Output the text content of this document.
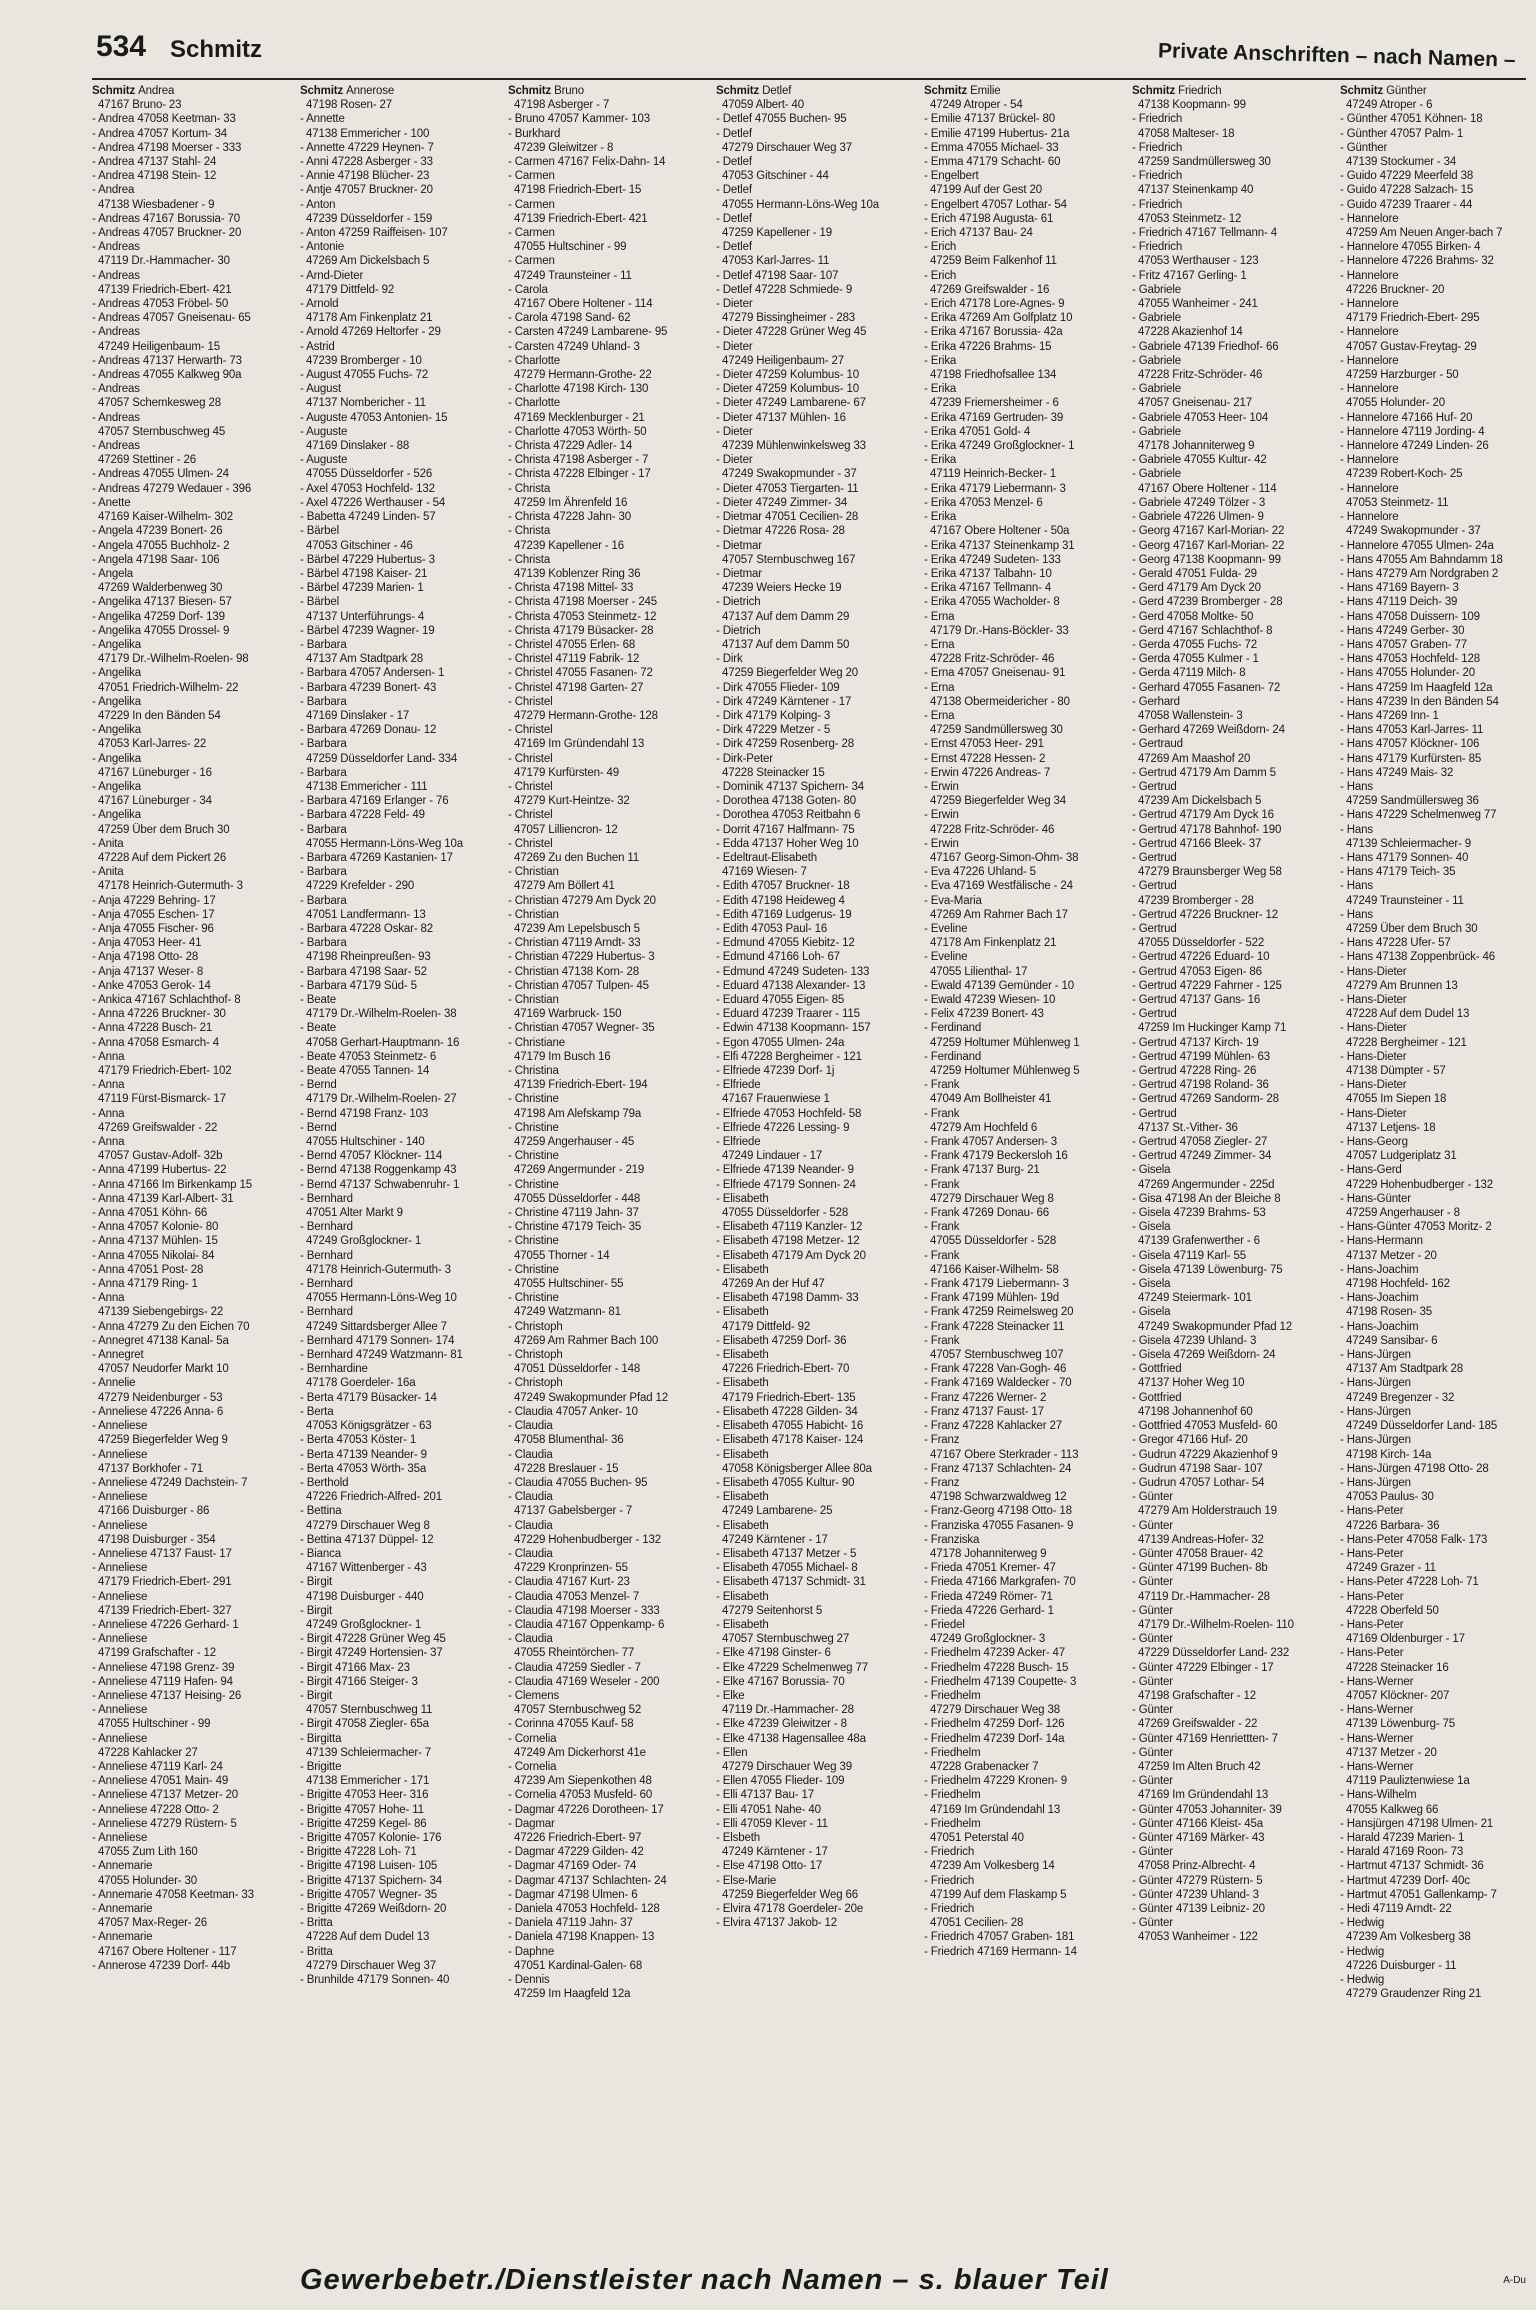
534 Schmitz	Private Anschriften – nach Namen –
Schmitz Andrea
47167 Bruno- 23
- Andrea 47058 Keetman- 33
- Andrea 47057 Kortum- 34
- Andrea 47198 Moerser - 333
- Andrea 47137 Stahl- 24
- Andrea 47198 Stein- 12
- Andrea
47138 Wiesbadener - 9
- Andreas 47167 Borussia- 70
- Andreas 47057 Bruckner- 20
- Andreas
47119 Dr.-Hammacher- 30
- Andreas
47139 Friedrich-Ebert- 421
- Andreas 47053 Fröbel- 50
- Andreas 47057 Gneisenau- 65
- Andreas
47249 Heiligenbaum- 15
- Andreas 47137 Herwarth- 73
- Andreas 47055 Kalkweg 90a
- Andreas
47057 Schemkesweg 28
- Andreas
47057 Sternbuschweg 45
- Andreas
47269 Stettiner - 26
- Andreas 47055 Ulmen- 24
- Andreas 47279 Wedauer - 396
- Anette
47169 Kaiser-Wilhelm- 302
- Angela 47239 Bonert- 26
- Angela 47055 Buchholz- 2
- Angela 47198 Saar- 106
- Angela
47269 Walderbenweg 30
- Angelika 47137 Biesen- 57
- Angelika 47259 Dorf- 139
- Angelika 47055 Drossel- 9
- Angelika
47179 Dr.-Wilhelm-Roelen- 98
- Angelika
47051 Friedrich-Wilhelm- 22
- Angelika
47229 In den Bänden 54
- Angelika
47053 Karl-Jarres- 22
- Angelika
47167 Lüneburger - 16
- Angelika
47167 Lüneburger - 34
- Angelika
47259 Über dem Bruch 30
- Anita
47228 Auf dem Pickert 26
- Anita
47178 Heinrich-Gutermuth- 3
- Anja 47229 Behring- 17
- Anja 47055 Eschen- 17
- Anja 47055 Fischer- 96
- Anja 47053 Heer- 41
- Anja 47198 Otto- 28
- Anja 47137 Weser- 8
- Anke 47053 Gerok- 14
- Ankica 47167 Schlachthof- 8
- Anna 47226 Bruckner- 30
- Anna 47228 Busch- 21
- Anna 47058 Esmarch- 4
- Anna
47179 Friedrich-Ebert- 102
- Anna
47119 Fürst-Bismarck- 17
- Anna
47269 Greifswalder - 22
- Anna
47057 Gustav-Adolf- 32b
- Anna 47199 Hubertus- 22
- Anna 47166 Im Birkenkamp 15
- Anna 47139 Karl-Albert- 31
- Anna 47051 Köhn- 66
- Anna 47057 Kolonie- 80
- Anna 47137 Mühlen- 15
- Anna 47055 Nikolai- 84
- Anna 47051 Post- 28
- Anna 47179 Ring- 1
- Anna
47139 Siebengebirgs- 22
- Anna 47279 Zu den Eichen 70
- Annegret 47138 Kanal- 5a
- Annegret
47057 Neudorfer Markt 10
- Annelie
47279 Neidenburger - 53
- Anneliese 47226 Anna- 6
- Anneliese
47259 Biegerfelder Weg 9
- Anneliese
47137 Borkhofer - 71
- Anneliese 47249 Dachstein- 7
- Anneliese
47166 Duisburger - 86
- Anneliese
47198 Duisburger - 354
- Anneliese 47137 Faust- 17
- Anneliese
47179 Friedrich-Ebert- 291
- Anneliese
47139 Friedrich-Ebert- 327
- Anneliese 47226 Gerhard- 1
- Anneliese
47199 Grafschafter - 12
- Anneliese 47198 Grenz- 39
- Anneliese 47119 Hafen- 94
- Anneliese 47137 Heising- 26
- Anneliese
47055 Hultschiner - 99
- Anneliese
47228 Kahlacker 27
- Anneliese 47119 Karl- 24
- Anneliese 47051 Main- 49
- Anneliese 47137 Metzer- 20
- Anneliese 47228 Otto- 2
- Anneliese 47279 Rüstern- 5
- Anneliese
47055 Zum Lith 160
- Annemarie
47055 Holunder- 30
- Annemarie 47058 Keetman- 33
- Annemarie
47057 Max-Reger- 26
- Annemarie
47167 Obere Holtener - 117
- Annerose 47239 Dorf- 44b
Schmitz Annerose
47198 Rosen- 27
- Annette
47138 Emmericher - 100
- Annette 47229 Heynen- 7
- Anni 47228 Asberger - 33
- Annie 47198 Blücher- 23
- Antje 47057 Bruckner- 20
- Anton
47239 Düsseldorfer - 159
- Anton 47259 Raiffeisen- 107
- Antonie
47269 Am Dickelsbach 5
- Arnd-Dieter
47179 Dittfeld- 92
- Arnold
47178 Am Finkenplatz 21
- Arnold 47269 Heltorfer - 29
- Astrid
47239 Bromberger - 10
- August 47055 Fuchs- 72
- August
47137 Nombericher - 11
- Auguste 47053 Antonien- 15
- Auguste
47169 Dinslaker - 88
- Auguste
47055 Düsseldorfer - 526
- Axel 47053 Hochfeld- 132
- Axel 47226 Werthauser - 54
- Babetta 47249 Linden- 57
- Bärbel
47053 Gitschiner - 46
- Bärbel 47229 Hubertus- 3
- Bärbel 47198 Kaiser- 21
- Bärbel 47239 Marien- 1
- Bärbel
47137 Unterführungs- 4
- Bärbel 47239 Wagner- 19
- Barbara
47137 Am Stadtpark 28
- Barbara 47057 Andersen- 1
- Barbara 47239 Bonert- 43
- Barbara
47169 Dinslaker - 17
- Barbara 47269 Donau- 12
- Barbara
47259 Düsseldorfer Land- 334
- Barbara
47138 Emmericher - 111
- Barbara 47169 Erlanger - 76
- Barbara 47228 Feld- 49
- Barbara
47055 Hermann-Löns-Weg 10a
- Barbara 47269 Kastanien- 17
- Barbara
47229 Krefelder - 290
- Barbara
47051 Landfermann- 13
- Barbara 47228 Oskar- 82
- Barbara
47198 Rheinpreußen- 93
- Barbara 47198 Saar- 52
- Barbara 47179 Süd- 5
- Beate
47179 Dr.-Wilhelm-Roelen- 38
- Beate
47058 Gerhart-Hauptmann- 16
- Beate 47053 Steinmetz- 6
- Beate 47055 Tannen- 14
- Bernd
47179 Dr.-Wilhelm-Roelen- 27
- Bernd 47198 Franz- 103
- Bernd
47055 Hultschiner - 140
- Bernd 47057 Klöckner- 114
- Bernd 47138 Roggenkamp 43
- Bernd 47137 Schwabenruhr- 1
- Bernhard
47051 Alter Markt 9
- Bernhard
47249 Großglockner- 1
- Bernhard
47178 Heinrich-Gutermuth- 3
- Bernhard
47055 Hermann-Löns-Weg 10
- Bernhard
47249 Sittardsberger Allee 7
- Bernhard 47179 Sonnen- 174
- Bernhard 47249 Watzmann- 81
- Bernhardine
47178 Goerdeler- 16a
- Berta 47179 Büsacker- 14
- Berta
47053 Königsgrätzer - 63
- Berta 47053 Köster- 1
- Berta 47139 Neander- 9
- Berta 47053 Wörth- 35a
- Berthold
47226 Friedrich-Alfred- 201
- Bettina
47279 Dirschauer Weg 8
- Bettina 47137 Düppel- 12
- Bianca
47167 Wittenberger - 43
- Birgit
47198 Duisburger - 440
- Birgit
47249 Großglockner- 1
- Birgit 47228 Grüner Weg 45
- Birgit 47249 Hortensien- 37
- Birgit 47166 Max- 23
- Birgit 47166 Steiger- 3
- Birgit
47057 Sternbuschweg 11
- Birgit 47058 Ziegler- 65a
- Birgitta
47139 Schleiermacher- 7
- Brigitte
47138 Emmericher - 171
- Brigitte 47053 Heer- 316
- Brigitte 47057 Hohe- 11
- Brigitte 47259 Kegel- 86
- Brigitte 47057 Kolonie- 176
- Brigitte 47228 Loh- 71
- Brigitte 47198 Luisen- 105
- Brigitte 47137 Spichern- 34
- Brigitte 47057 Wegner- 35
- Brigitte 47269 Weißdorn- 20
- Britta
47228 Auf dem Dudel 13
- Britta
47279 Dirschauer Weg 37
- Brunhilde 47179 Sonnen- 40
Schmitz Bruno
47198 Asberger - 7
- Bruno 47057 Kammer- 103
- Burkhard
47239 Gleiwitzer - 8
- Carmen 47167 Felix-Dahn- 14
- Carmen
47198 Friedrich-Ebert- 15
- Carmen
47139 Friedrich-Ebert- 421
- Carmen
47055 Hultschiner - 99
- Carmen
47249 Traunsteiner - 11
- Carola
47167 Obere Holtener - 114
- Carola 47198 Sand- 62
- Carsten 47249 Lambarene- 95
- Carsten 47249 Uhland- 3
- Charlotte
47279 Hermann-Grothe- 22
- Charlotte 47198 Kirch- 130
- Charlotte
47169 Mecklenburger - 21
- Charlotte 47053 Wörth- 50
- Christa 47229 Adler- 14
- Christa 47198 Asberger - 7
- Christa 47228 Elbinger - 17
- Christa
47259 Im Ährenfeld 16
- Christa 47228 Jahn- 30
- Christa
47239 Kapellener - 16
- Christa
47139 Koblenzer Ring 36
- Christa 47198 Mittel- 33
- Christa 47198 Moerser - 245
- Christa 47053 Steinmetz- 12
- Christa 47179 Büsacker- 28
- Christel 47055 Erlen- 68
- Christel 47119 Fabrik- 12
- Christel 47055 Fasanen- 72
- Christel 47198 Garten- 27
- Christel
47279 Hermann-Grothe- 128
- Christel
47169 Im Gründendahl 13
- Christel
47179 Kurfürsten- 49
- Christel
47279 Kurt-Heintze- 32
- Christel
47057 Lilliencron- 12
- Christel
47269 Zu den Buchen 11
- Christian
47279 Am Böllert 41
- Christian 47279 Am Dyck 20
- Christian
47239 Am Lepelsbusch 5
- Christian 47119 Arndt- 33
- Christian 47229 Hubertus- 3
- Christian 47138 Korn- 28
- Christian 47057 Tulpen- 45
- Christian
47169 Warbruck- 150
- Christian 47057 Wegner- 35
- Christiane
47179 Im Busch 16
- Christina
47139 Friedrich-Ebert- 194
- Christine
47198 Am Alefskamp 79a
- Christine
47259 Angerhauser - 45
- Christine
47269 Angermunder - 219
- Christine
47055 Düsseldorfer - 448
- Christine 47119 Jahn- 37
- Christine 47179 Teich- 35
- Christine
47055 Thorner - 14
- Christine
47055 Hultschiner- 55
- Christine
47249 Watzmann- 81
- Christoph
47269 Am Rahmer Bach 100
- Christoph
47051 Düsseldorfer - 148
- Christoph
47249 Swakopmunder Pfad 12
- Claudia 47057 Anker- 10
- Claudia
47058 Blumenthal- 36
- Claudia
47228 Breslauer - 15
- Claudia 47055 Buchen- 95
- Claudia
47137 Gabelsberger - 7
- Claudia
47229 Hohenbudberger - 132
- Claudia
47229 Kronprinzen- 55
- Claudia 47167 Kurt- 23
- Claudia 47053 Menzel- 7
- Claudia 47198 Moerser - 333
- Claudia 47167 Oppenkamp- 6
- Claudia
47055 Rheintörchen- 77
- Claudia 47259 Siedler - 7
- Claudia 47169 Weseler - 200
- Clemens
47057 Sternbuschweg 52
- Corinna 47055 Kauf- 58
- Cornelia
47249 Am Dickerhorst 41e
- Cornelia
47239 Am Siepenkothen 48
- Cornelia 47053 Musfeld- 60
- Dagmar 47226 Dorotheen- 17
- Dagmar
47226 Friedrich-Ebert- 97
- Dagmar 47229 Gilden- 42
- Dagmar 47169 Oder- 74
- Dagmar 47137 Schlachten- 24
- Dagmar 47198 Ulmen- 6
- Daniela 47053 Hochfeld- 128
- Daniela 47119 Jahn- 37
- Daniela 47198 Knappen- 13
- Daphne
47051 Kardinal-Galen- 68
- Dennis
47259 Im Haagfeld 12a
Schmitz Detlef
47059 Albert- 40
- Detlef 47055 Buchen- 95
- Detlef
47279 Dirschauer Weg 37
- Detlef
47053 Gitschiner - 44
- Detlef
47055 Hermann-Löns-Weg 10a
- Detlef
47259 Kapellener - 19
- Detlef
47053 Karl-Jarres- 11
- Detlef 47198 Saar- 107
- Detlef 47228 Schmiede- 9
- Dieter
47279 Bissingheimer - 283
- Dieter 47228 Grüner Weg 45
- Dieter
47249 Heiligenbaum- 27
- Dieter 47259 Kolumbus- 10
- Dieter 47259 Kolumbus- 10
- Dieter 47249 Lambarene- 67
- Dieter 47137 Mühlen- 16
- Dieter
47239 Mühlenwinkelsweg 33
- Dieter
47249 Swakopmunder - 37
- Dieter 47053 Tiergarten- 11
- Dieter 47249 Zimmer- 34
- Dietmar 47051 Cecilien- 28
- Dietmar 47226 Rosa- 28
- Dietmar
47057 Sternbuschweg 167
- Dietmar
47239 Weiers Hecke 19
- Dietrich
47137 Auf dem Damm 29
- Dietrich
47137 Auf dem Damm 50
- Dirk
47259 Biegerfelder Weg 20
- Dirk 47055 Flieder- 109
- Dirk 47249 Kärntener - 17
- Dirk 47179 Kolping- 3
- Dirk 47229 Metzer - 5
- Dirk 47259 Rosenberg- 28
- Dirk-Peter
47228 Steinacker 15
- Dominik 47137 Spichern- 34
- Dorothea 47138 Goten- 80
- Dorothea 47053 Reitbahn 6
- Dorrit 47167 Halfmann- 75
- Edda 47137 Hoher Weg 10
- Edeltraut-Elisabeth
47169 Wiesen- 7
- Edith 47057 Bruckner- 18
- Edith 47198 Heideweg 4
- Edith 47169 Ludgerus- 19
- Edith 47053 Paul- 16
- Edmund 47055 Kiebitz- 12
- Edmund 47166 Loh- 67
- Edmund 47249 Sudeten- 133
- Eduard 47138 Alexander- 13
- Eduard 47055 Eigen- 85
- Eduard 47239 Traarer - 115
- Edwin 47138 Koopmann- 157
- Egon 47055 Ulmen- 24a
- Elfi 47228 Bergheimer - 121
- Elfriede 47239 Dorf- 1j
- Elfriede
47167 Frauenwiese 1
- Elfriede 47053 Hochfeld- 58
- Elfriede 47226 Lessing- 9
- Elfriede
47249 Lindauer - 17
- Elfriede 47139 Neander- 9
- Elfriede 47179 Sonnen- 24
- Elisabeth
47055 Düsseldorfer - 528
- Elisabeth 47119 Kanzler- 12
- Elisabeth 47198 Metzer- 12
- Elisabeth 47179 Am Dyck 20
- Elisabeth
47269 An der Huf 47
- Elisabeth 47198 Damm- 33
- Elisabeth
47179 Dittfeld- 92
- Elisabeth 47259 Dorf- 36
- Elisabeth
47226 Friedrich-Ebert- 70
- Elisabeth
47179 Friedrich-Ebert- 135
- Elisabeth 47228 Gilden- 34
- Elisabeth 47055 Habicht- 16
- Elisabeth 47178 Kaiser- 124
- Elisabeth
47058 Königsberger Allee 80a
- Elisabeth 47055 Kultur- 90
- Elisabeth
47249 Lambarene- 25
- Elisabeth
47249 Kärntener - 17
- Elisabeth 47137 Metzer - 5
- Elisabeth 47055 Michael- 8
- Elisabeth 47137 Schmidt- 31
- Elisabeth
47279 Seitenhorst 5
- Elisabeth
47057 Sternbuschweg 27
- Elke 47198 Ginster- 6
- Elke 47229 Schelmenweg 77
- Elke 47167 Borussia- 70
- Elke
47119 Dr.-Hammacher- 28
- Elke 47239 Gleiwitzer - 8
- Elke 47138 Hagensallee 48a
- Ellen
47279 Dirschauer Weg 39
- Ellen 47055 Flieder- 109
- Elli 47137 Bau- 17
- Elli 47051 Nahe- 40
- Elli 47059 Klever - 11
- Elsbeth
47249 Kärntener - 17
- Else 47198 Otto- 17
- Else-Marie
47259 Biegerfelder Weg 66
- Elvira 47178 Goerdeler- 20e
- Elvira 47137 Jakob- 12
Schmitz Emilie
47249 Atroper - 54
- Emilie 47137 Brückel- 80
- Emilie 47199 Hubertus- 21a
- Emma 47055 Michael- 33
- Emma 47179 Schacht- 60
- Engelbert
47199 Auf der Gest 20
- Engelbert 47057 Lothar- 54
- Erich 47198 Augusta- 61
- Erich 47137 Bau- 24
- Erich
47259 Beim Falkenhof 11
- Erich
47269 Greifswalder - 16
- Erich 47178 Lore-Agnes- 9
- Erika 47269 Am Golfplatz 10
- Erika 47167 Borussia- 42a
- Erika 47226 Brahms- 15
- Erika
47198 Friedhofsallee 134
- Erika
47239 Friemersheimer - 6
- Erika 47169 Gertruden- 39
- Erika 47051 Gold- 4
- Erika 47249 Großglockner- 1
- Erika
47119 Heinrich-Becker- 1
- Erika 47179 Liebermann- 3
- Erika 47053 Menzel- 6
- Erika
47167 Obere Holtener - 50a
- Erika 47137 Steinenkamp 31
- Erika 47249 Sudeten- 133
- Erika 47137 Talbahn- 10
- Erika 47167 Tellmann- 4
- Erika 47055 Wacholder- 8
- Erna
47179 Dr.-Hans-Böckler- 33
- Erna
47228 Fritz-Schröder- 46
- Erna 47057 Gneisenau- 91
- Erna
47138 Obermeidericher - 80
- Erna
47259 Sandmüllersweg 30
- Ernst 47053 Heer- 291
- Ernst 47228 Hessen- 2
- Erwin 47226 Andreas- 7
- Erwin
47259 Biegerfelder Weg 34
- Erwin
47228 Fritz-Schröder- 46
- Erwin
47167 Georg-Simon-Ohm- 38
- Eva 47226 Uhland- 5
- Eva 47169 Westfälische - 24
- Eva-Maria
47269 Am Rahmer Bach 17
- Eveline
47178 Am Finkenplatz 21
- Eveline
47055 Lilienthal- 17
- Ewald 47139 Gemünder - 10
- Ewald 47239 Wiesen- 10
- Felix 47239 Bonert- 43
- Ferdinand
47259 Holtumer Mühlenweg 1
- Ferdinand
47259 Holtumer Mühlenweg 5
- Frank
47049 Am Bollheister 41
- Frank
47279 Am Hochfeld 6
- Frank 47057 Andersen- 3
- Frank 47179 Beckersloh 16
- Frank 47137 Burg- 21
- Frank
47279 Dirschauer Weg 8
- Frank 47269 Donau- 66
- Frank
47055 Düsseldorfer - 528
- Frank
47166 Kaiser-Wilhelm- 58
- Frank 47179 Liebermann- 3
- Frank 47199 Mühlen- 19d
- Frank 47259 Reimelsweg 20
- Frank 47228 Steinacker 11
- Frank
47057 Sternbuschweg 107
- Frank 47228 Van-Gogh- 46
- Frank 47169 Waldecker - 70
- Franz 47226 Werner- 2
- Franz 47137 Faust- 17
- Franz 47228 Kahlacker 27
- Franz
47167 Obere Sterkrader - 113
- Franz 47137 Schlachten- 24
- Franz
47198 Schwarzwaldweg 12
- Franz-Georg 47198 Otto- 18
- Franziska 47055 Fasanen- 9
- Franziska
47178 Johanniterweg 9
- Frieda 47051 Kremer- 47
- Frieda 47166 Markgrafen- 70
- Frieda 47249 Römer- 71
- Frieda 47226 Gerhard- 1
- Friedel
47249 Großglockner- 3
- Friedhelm 47239 Acker- 47
- Friedhelm 47228 Busch- 15
- Friedhelm 47139 Coupette- 3
- Friedhelm
47279 Dirschauer Weg 38
- Friedhelm 47259 Dorf- 126
- Friedhelm 47239 Dorf- 14a
- Friedhelm
47228 Grabenacker 7
- Friedhelm 47229 Kronen- 9
- Friedhelm
47169 Im Gründendahl 13
- Friedhelm
47051 Peterstal 40
- Friedrich
47239 Am Volkesberg 14
- Friedrich
47199 Auf dem Flaskamp 5
- Friedrich
47051 Cecilien- 28
- Friedrich 47057 Graben- 181
- Friedrich 47169 Hermann- 14
Schmitz Friedrich
47138 Koopmann- 99
- Friedrich
47058 Malteser- 18
- Friedrich
47259 Sandmüllersweg 30
- Friedrich
47137 Steinenkamp 40
- Friedrich
47053 Steinmetz- 12
- Friedrich 47167 Tellmann- 4
- Friedrich
47053 Werthauser - 123
- Fritz 47167 Gerling- 1
- Gabriele
47055 Wanheimer - 241
- Gabriele
47228 Akazienhof 14
- Gabriele 47139 Friedhof- 66
- Gabriele
47228 Fritz-Schröder- 46
- Gabriele
47057 Gneisenau- 217
- Gabriele 47053 Heer- 104
- Gabriele
47178 Johanniterweg 9
- Gabriele 47055 Kultur- 42
- Gabriele
47167 Obere Holtener - 114
- Gabriele 47249 Tölzer - 3
- Gabriele 47226 Ulmen- 9
- Georg 47167 Karl-Morian- 22
- Georg 47167 Karl-Morian- 22
- Georg 47138 Koopmann- 99
- Gerald 47051 Fulda- 29
- Gerd 47179 Am Dyck 20
- Gerd 47239 Bromberger - 28
- Gerd 47058 Moltke- 50
- Gerd 47167 Schlachthof- 8
- Gerda 47055 Fuchs- 72
- Gerda 47055 Kulmer - 1
- Gerda 47119 Milch- 8
- Gerhard 47055 Fasanen- 72
- Gerhard
47058 Wallenstein- 3
- Gerhard 47269 Weißdorn- 24
- Gertraud
47269 Am Maashof 20
- Gertrud 47179 Am Damm 5
- Gertrud
47239 Am Dickelsbach 5
- Gertrud 47179 Am Dyck 16
- Gertrud 47178 Bahnhof- 190
- Gertrud 47166 Bleek- 37
- Gertrud
47279 Braunsberger Weg 58
- Gertrud
47239 Bromberger - 28
- Gertrud 47226 Bruckner- 12
- Gertrud
47055 Düsseldorfer - 522
- Gertrud 47226 Eduard- 10
- Gertrud 47053 Eigen- 86
- Gertrud 47229 Fahrner - 125
- Gertrud 47137 Gans- 16
- Gertrud
47259 Im Huckinger Kamp 71
- Gertrud 47137 Kirch- 19
- Gertrud 47199 Mühlen- 63
- Gertrud 47228 Ring- 26
- Gertrud 47198 Roland- 36
- Gertrud 47269 Sandorm- 28
- Gertrud
47137 St.-Vither- 36
- Gertrud 47058 Ziegler- 27
- Gertrud 47249 Zimmer- 34
- Gisela
47269 Angermunder - 225d
- Gisa 47198 An der Bleiche 8
- Gisela 47239 Brahms- 53
- Gisela
47139 Grafenwerther - 6
- Gisela 47119 Karl- 55
- Gisela 47139 Löwenburg- 75
- Gisela
47249 Steiermark- 101
- Gisela
47249 Swakopmunder Pfad 12
- Gisela 47239 Uhland- 3
- Gisela 47269 Weißdorn- 24
- Gottfried
47137 Hoher Weg 10
- Gottfried
47198 Johannenhof 60
- Gottfried 47053 Musfeld- 60
- Gregor 47166 Huf- 20
- Gudrun 47229 Akazienhof 9
- Gudrun 47198 Saar- 107
- Gudrun 47057 Lothar- 54
- Günter
47279 Am Holderstrauch 19
- Günter
47139 Andreas-Hofer- 32
- Günter 47058 Brauer- 42
- Günter 47199 Buchen- 8b
- Günter
47119 Dr.-Hammacher- 28
- Günter
47179 Dr.-Wilhelm-Roelen- 110
- Günter
47229 Düsseldorfer Land- 232
- Günter 47229 Elbinger - 17
- Günter
47198 Grafschafter - 12
- Günter
47269 Greifswalder - 22
- Günter 47169 Henriettten- 7
- Günter
47259 Im Alten Bruch 42
- Günter
47169 Im Gründendahl 13
- Günter 47053 Johanniter- 39
- Günter 47166 Kleist- 45a
- Günter 47169 Märker- 43
- Günter
47058 Prinz-Albrecht- 4
- Günter 47279 Rüstern- 5
- Günter 47239 Uhland- 3
- Günter 47139 Leibniz- 20
- Günter
47053 Wanheimer - 122
Schmitz Günther
47249 Atroper - 6
- Günther 47051 Köhnen- 18
- Günther 47057 Palm- 1
- Günther
47139 Stockumer - 34
- Guido 47229 Meerfeld 38
- Guido 47228 Salzach- 15
- Guido 47239 Traarer - 44
- Hannelore
47259 Am Neuen Anger-bach 7
- Hannelore 47055 Birken- 4
- Hannelore 47226 Brahms- 32
- Hannelore
47226 Bruckner- 20
- Hannelore
47179 Friedrich-Ebert- 295
- Hannelore
47057 Gustav-Freytag- 29
- Hannelore
47259 Harzburger - 50
- Hannelore
47055 Holunder- 20
- Hannelore 47166 Huf- 20
- Hannelore 47119 Jording- 4
- Hannelore 47249 Linden- 26
- Hannelore
47239 Robert-Koch- 25
- Hannelore
47053 Steinmetz- 11
- Hannelore
47249 Swakopmunder - 37
- Hannelore 47055 Ulmen- 24a
- Hans 47055 Am Bahndamm 18
- Hans 47279 Am Nordgraben 2
- Hans 47169 Bayern- 3
- Hans 47119 Deich- 39
- Hans 47058 Duissern- 109
- Hans 47249 Gerber- 30
- Hans 47057 Graben- 77
- Hans 47053 Hochfeld- 128
- Hans 47055 Holunder- 20
- Hans 47259 Im Haagfeld 12a
- Hans 47239 In den Bänden 54
- Hans 47269 Inn- 1
- Hans 47053 Karl-Jarres- 11
- Hans 47057 Klöckner- 106
- Hans 47179 Kurfürsten- 85
- Hans 47249 Mais- 32
- Hans
47259 Sandmüllersweg 36
- Hans 47229 Schelmenweg 77
- Hans
47139 Schleiermacher- 9
- Hans 47179 Sonnen- 40
- Hans 47179 Teich- 35
- Hans
47249 Traunsteiner - 11
- Hans
47259 Über dem Bruch 30
- Hans 47228 Ufer- 57
- Hans 47138 Zoppenbrück- 46
- Hans-Dieter
47279 Am Brunnen 13
- Hans-Dieter
47228 Auf dem Dudel 13
- Hans-Dieter
47228 Bergheimer - 121
- Hans-Dieter
47138 Dümpter - 57
- Hans-Dieter
47055 Im Siepen 18
- Hans-Dieter
47137 Letjens- 18
- Hans-Georg
47057 Ludgeriplatz 31
- Hans-Gerd
47229 Hohenbudberger - 132
- Hans-Günter
47259 Angerhauser - 8
- Hans-Günter 47053 Moritz- 2
- Hans-Hermann
47137 Metzer - 20
- Hans-Joachim
47198 Hochfeld- 162
- Hans-Joachim
47198 Rosen- 35
- Hans-Joachim
47249 Sansibar- 6
- Hans-Jürgen
47137 Am Stadtpark 28
- Hans-Jürgen
47249 Bregenzer - 32
- Hans-Jürgen
47249 Düsseldorfer Land- 185
- Hans-Jürgen
47198 Kirch- 14a
- Hans-Jürgen 47198 Otto- 28
- Hans-Jürgen
47053 Paulus- 30
- Hans-Peter
47226 Barbara- 36
- Hans-Peter 47058 Falk- 173
- Hans-Peter
47249 Grazer - 11
- Hans-Peter 47228 Loh- 71
- Hans-Peter
47228 Oberfeld 50
- Hans-Peter
47169 Oldenburger - 17
- Hans-Peter
47228 Steinacker 16
- Hans-Werner
47057 Klöckner- 207
- Hans-Werner
47139 Löwenburg- 75
- Hans-Werner
47137 Metzer - 20
- Hans-Werner
47119 Pauliztenwiese 1a
- Hans-Wilhelm
47055 Kalkweg 66
- Hansjürgen 47198 Ulmen- 21
- Harald 47239 Marien- 1
- Harald 47169 Roon- 73
- Hartmut 47137 Schmidt- 36
- Hartmut 47239 Dorf- 40c
- Hartmut 47051 Gallenkamp- 7
- Hedi 47119 Arndt- 22
- Hedwig
47239 Am Volkesberg 38
- Hedwig
47226 Duisburger - 11
- Hedwig
47279 Graudenzer Ring 21
Gewerbebetr./Dienstleister nach Namen – s. blauer Teil	A-Du
